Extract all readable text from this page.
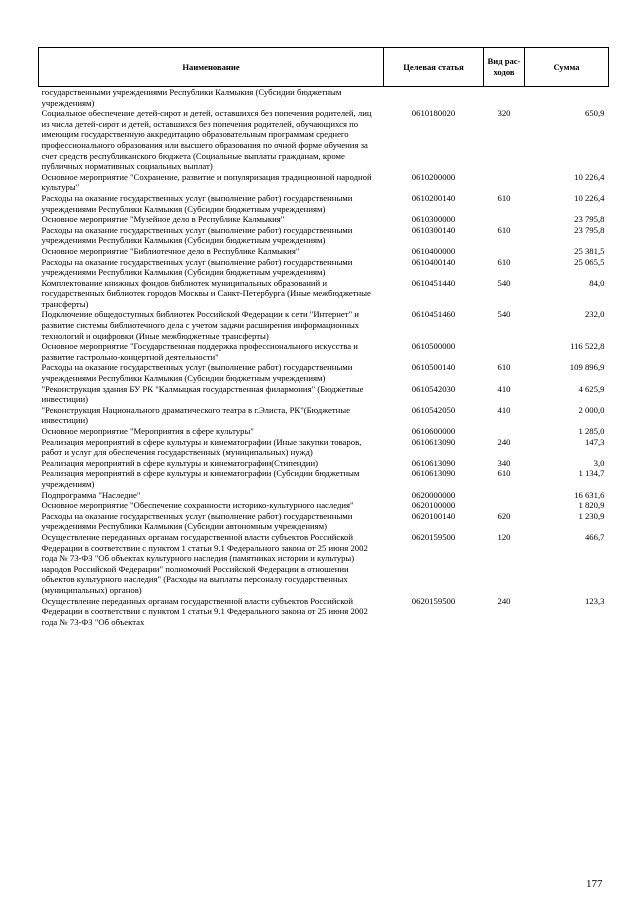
Наименование	Целевая статья	Вид рас-ходов	Сумма
государственными учреждениями Республики Калмыкия (Субсидии бюджетным учреждениям)			
Социальное обеспечение детей-сирот и детей, оставшихся без попечения родителей, лиц из числа детей-сирот и детей, оставшихся без попечения родителей, обучающихся по имеющим государственную аккредитацию образовательным программам среднего профессионального образования или высшего образования по очной форме обучения за счет средств республиканского бюджета (Социальные выплаты гражданам, кроме публичных нормативных социальных выплат)	0610180020	320	650,9
Основное мероприятие "Сохранение, развитие и популяризация традиционной народной культуры"	0610200000		10 226,4
Расходы на оказание государственных услуг (выполнение работ) государственными учреждениями Республики Калмыкия (Субсидии бюджетным учреждениям)	0610200140	610	10 226,4
Основное мероприятие "Музейное дело в Республике Калмыкия"	0610300000		23 795,8
Расходы на оказание государственных услуг (выполнение работ) государственными учреждениями Республики Калмыкия (Субсидии бюджетным учреждениям)	0610300140	610	23 795,8
Основное мероприятие "Библиотечное дело в Республике Калмыкия"	0610400000		25 381,5
Расходы на оказание государственных услуг (выполнение работ) государственными учреждениями Республики Калмыкия (Субсидии бюджетным учреждениям)	0610400140	610	25 065,5
Комплектование книжных фондов библиотек муниципальных образований и государственных библиотек городов Москвы и Санкт-Петербурга (Иные межбюджетные трансферты)	0610451440	540	84,0
Подключение общедоступных библиотек Российской Федерации к сети "Интернет" и развитие системы библиотечного дела с учетом задачи расширения информационных технологий и оцифровки (Иные межбюджетные трансферты)	0610451460	540	232,0
Основное мероприятие "Государственная поддержка профессионального искусства и развитие гастрольно-концертной деятельности"	0610500000		116 522,8
Расходы на оказание государственных услуг (выполнение работ) государственными учреждениями Республики Калмыкия (Субсидии бюджетным учреждениям)	0610500140	610	109 896,9
"Реконструкция здания БУ РК "Калмыцкая государственная филармония" (Бюджетные инвестиции)	0610542030	410	4 625,9
"Реконструкция Национального драматического театра в г.Элиста, РК"(Бюджетные инвестиции)	0610542050	410	2 000,0
Основное мероприятие "Мероприятия в сфере культуры"	0610600000		1 285,0
Реализация мероприятий в сфере культуры и кинематографии (Иные закупки товаров, работ и услуг для обеспечения государственных (муниципальных) нужд)	0610613090	240	147,3
Реализация мероприятий в сфере культуры и кинематографии(Стипендии)	0610613090	340	3,0
Реализация мероприятий в сфере культуры и кинематографии (Субсидии бюджетным учреждениям)	0610613090	610	1 134,7
Подпрограмма "Наследие"	0620000000		16 631,6
Основное мероприятие "Обеспечение сохранности историко-культурного наследия"	0620100000		1 820,9
Расходы на оказание государственных услуг (выполнение работ) государственными учреждениями Республики Калмыкия (Субсидии автономным учреждениям)	0620100140	620	1 230,9
Осуществление переданных органам государственной власти субъектов Российской Федерации в соответствии с пунктом 1 статьи 9.1 Федерального закона от 25 июня 2002 года № 73-ФЗ "Об объектах культурного наследия (памятниках истории и культуры) народов Российской Федерации" полномочий Российской Федерации в отношении объектов культурного наследия" (Расходы на выплаты персоналу государственных (муниципальных) органов)	0620159500	120	466,7
Осуществление переданных органам государственной власти субъектов Российской Федерации в соответствии с пунктом 1 статьи 9.1 Федерального закона от 25 июня 2002 года № 73-ФЗ "Об объектах	0620159500	240	123,3
177
